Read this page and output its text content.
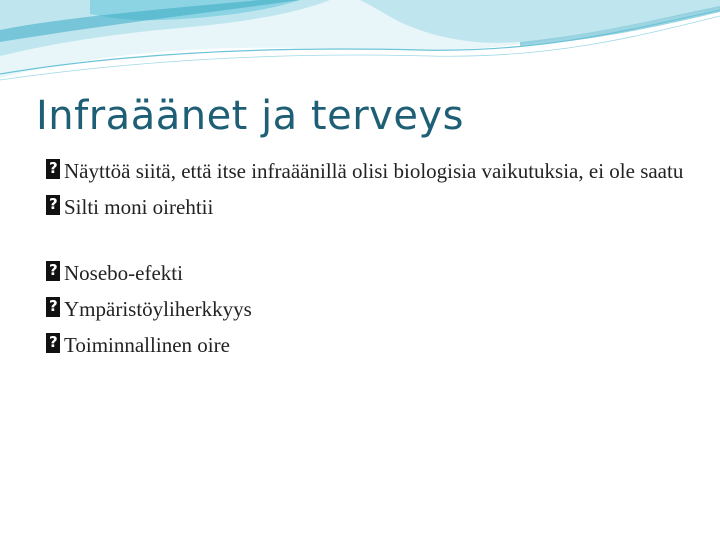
Infraäänet ja terveys
?
Näyttöä siitä, että itse infraäänillä olisi biologisia vaikutuksia, ei ole saatu
?
Silti moni oirehtii
?
Nosebo-efekti
?
Ympäristöyliherkkyys
?
Toiminnallinen oire
